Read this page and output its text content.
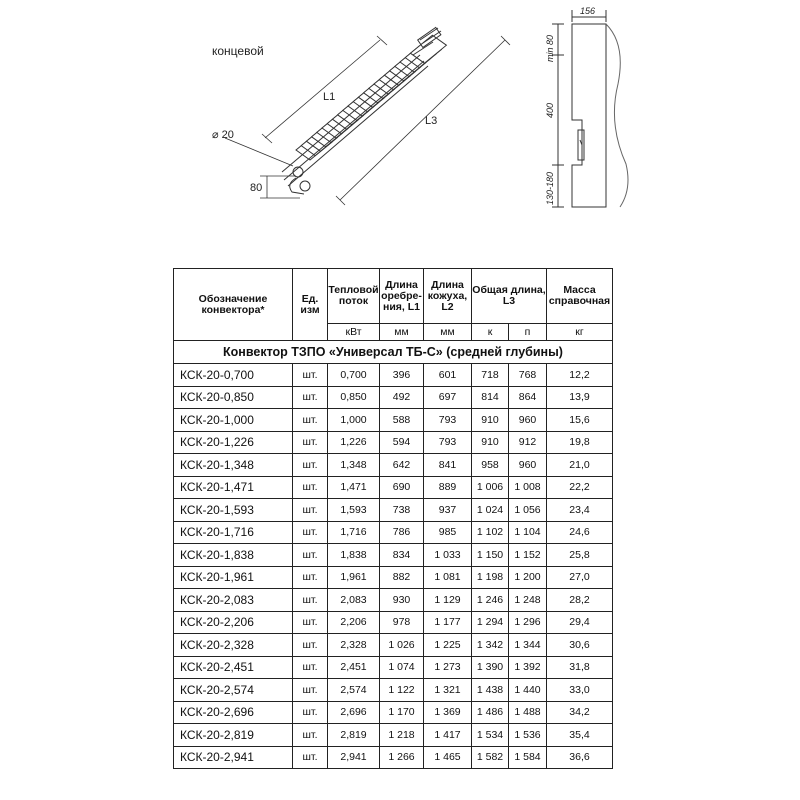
концевой
L1
L3
⌀ 20
80
156
min 80
400
130-180
Обозначение конвектора*	Ед. изм	Тепловой поток	Длина оребре-ния, L1	Длина кожуха, L2	Общая длина, L3		Масса справочная
		кВт	мм	мм	к	п	кг
Конвектор ТЗПО «Универсал ТБ-С» (средней глубины)							
КСК-20-0,700	шт.	0,700	396	601	718	768	12,2
КСК-20-0,850	шт.	0,850	492	697	814	864	13,9
КСК-20-1,000	шт.	1,000	588	793	910	960	15,6
КСК-20-1,226	шт.	1,226	594	793	910	912	19,8
КСК-20-1,348	шт.	1,348	642	841	958	960	21,0
КСК-20-1,471	шт.	1,471	690	889	1 006	1 008	22,2
КСК-20-1,593	шт.	1,593	738	937	1 024	1 056	23,4
КСК-20-1,716	шт.	1,716	786	985	1 102	1 104	24,6
КСК-20-1,838	шт.	1,838	834	1 033	1 150	1 152	25,8
КСК-20-1,961	шт.	1,961	882	1 081	1 198	1 200	27,0
КСК-20-2,083	шт.	2,083	930	1 129	1 246	1 248	28,2
КСК-20-2,206	шт.	2,206	978	1 177	1 294	1 296	29,4
КСК-20-2,328	шт.	2,328	1 026	1 225	1 342	1 344	30,6
КСК-20-2,451	шт.	2,451	1 074	1 273	1 390	1 392	31,8
КСК-20-2,574	шт.	2,574	1 122	1 321	1 438	1 440	33,0
КСК-20-2,696	шт.	2,696	1 170	1 369	1 486	1 488	34,2
КСК-20-2,819	шт.	2,819	1 218	1 417	1 534	1 536	35,4
КСК-20-2,941	шт.	2,941	1 266	1 465	1 582	1 584	36,6
